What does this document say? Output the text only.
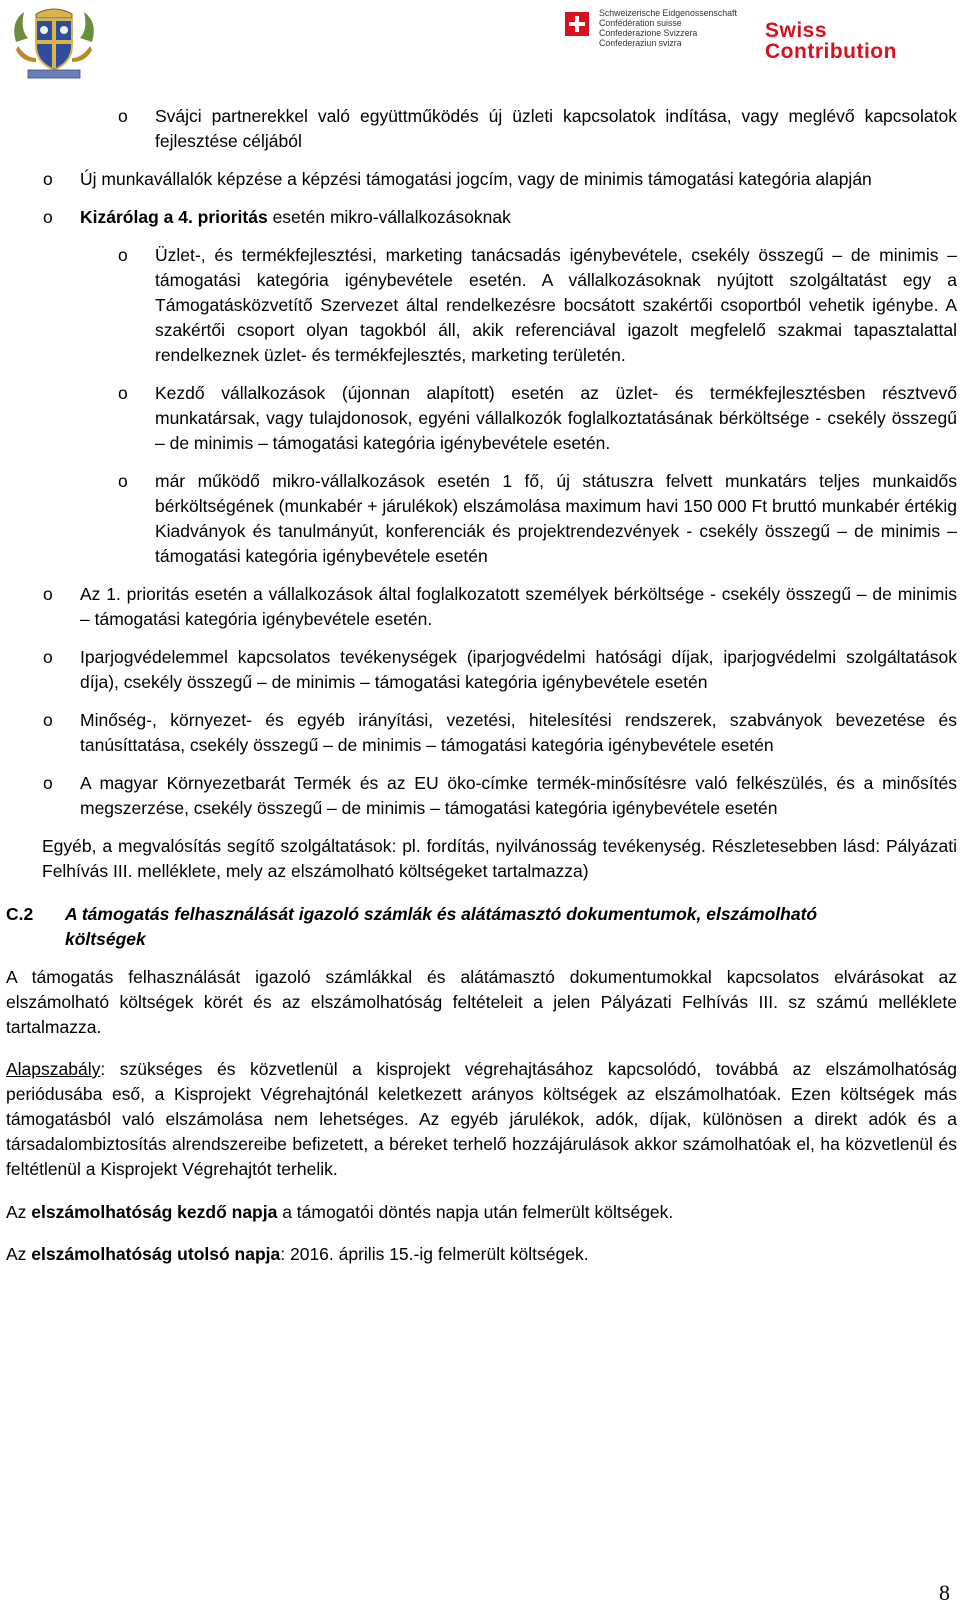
Schweizerische Eidgenossenschaft
Confédération suisse
Confederazione Svizzera
Confederaziun svizra
Swiss Contribution

o Svájci partnerekkel való együttműködés új üzleti kapcsolatok indítása, vagy meglévő kapcsolatok fejlesztése céljából

o Új munkavállalók képzése a képzési támogatási jogcím, vagy de minimis támogatási kategória alapján

o Kizárólag a 4. prioritás esetén mikro-vállalkozásoknak

o Üzlet-, és termékfejlesztési, marketing tanácsadás igénybevétele, csekély összegű – de minimis – támogatási kategória igénybevétele esetén. A vállalkozásoknak nyújtott szolgáltatást egy a Támogatásközvetítő Szervezet által rendelkezésre bocsátott szakértői csoportból vehetik igénybe. A szakértői csoport olyan tagokból áll, akik referenciával igazolt megfelelő szakmai tapasztalattal rendelkeznek üzlet- és termékfejlesztés, marketing területén.

o Kezdő vállalkozások (újonnan alapított) esetén az üzlet- és termékfejlesztésben résztvevő munkatársak, vagy tulajdonosok, egyéni vállalkozók foglalkoztatásának bérköltsége - csekély összegű – de minimis – támogatási kategória igénybevétele esetén.

o már működő mikro-vállalkozások esetén 1 fő, új státuszra felvett munkatárs teljes munkaidős bérköltségének (munkabér + járulékok) elszámolása maximum havi 150 000 Ft bruttó munkabér értékig Kiadványok és tanulmányút, konferenciák és projektrendezvények - csekély összegű – de minimis – támogatási kategória igénybevétele esetén

o Az 1. prioritás esetén a vállalkozások által foglalkozatott személyek bérköltsége - csekély összegű – de minimis – támogatási kategória igénybevétele esetén.

o Iparjogvédelemmel kapcsolatos tevékenységek (iparjogvédelmi hatósági díjak, iparjogvédelmi szolgáltatások díja), csekély összegű – de minimis – támogatási kategória igénybevétele esetén

o Minőség-, környezet- és egyéb irányítási, vezetési, hitelesítési rendszerek, szabványok bevezetése és tanúsíttatása, csekély összegű – de minimis – támogatási kategória igénybevétele esetén

o A magyar Környezetbarát Termék és az EU öko-címke termék-minősítésre való felkészülés, és a minősítés megszerzése, csekély összegű – de minimis – támogatási kategória igénybevétele esetén

Egyéb, a megvalósítás segítő szolgáltatások: pl. fordítás, nyilvánosság tevékenység. Részletesebben lásd: Pályázati Felhívás III. melléklete, mely az elszámolható költségeket tartalmazza)

C.2 A támogatás felhasználását igazoló számlák és alátámasztó dokumentumok, elszámolható költségek

A támogatás felhasználását igazoló számlákkal és alátámasztó dokumentumokkal kapcsolatos elvárásokat az elszámolható költségek körét és az elszámolhatóság feltételeit a jelen Pályázati Felhívás III. sz számú melléklete tartalmazza.

Alapszabály: szükséges és közvetlenül a kisprojekt végrehajtásához kapcsolódó, továbbá az elszámolhatóság periódusába eső, a Kisprojekt Végrehajtónál keletkezett arányos költségek az elszámolhatóak. Ezen költségek más támogatásból való elszámolása nem lehetséges. Az egyéb járulékok, adók, díjak, különösen a direkt adók és a társadalombiztosítás alrendszereibe befizetett, a béreket terhelő hozzájárulások akkor számolhatóak el, ha közvetlenül és feltétlenül a Kisprojekt Végrehajtót terhelik.

Az elszámolhatóság kezdő napja a támogatói döntés napja után felmerült költségek.

Az elszámolhatóság utolsó napja: 2016. április 15.-ig felmerült költségek.

8
